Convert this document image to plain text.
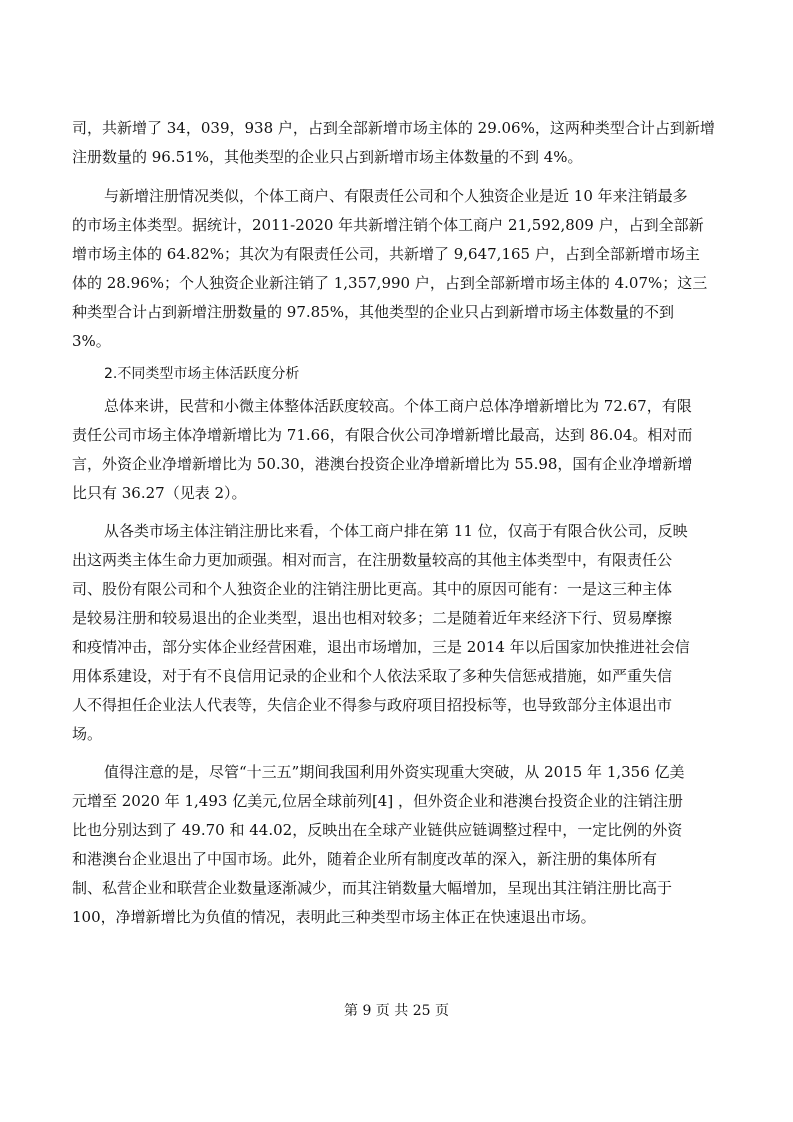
司，共新增了 34，039，938 户，占到全部新增市场主体的 29.06%，这两种类型合计占到新增
注册数量的 96.51%，其他类型的企业只占到新增市场主体数量的不到 4%。
与新增注册情况类似，个体工商户、有限责任公司和个人独资企业是近 10 年来注销最多
的市场主体类型。据统计，2011-2020 年共新增注销个体工商户 21,592,809 户，占到全部新
增市场主体的 64.82%；其次为有限责任公司，共新增了 9,647,165 户，占到全部新增市场主
体的 28.96%；个人独资企业新注销了 1,357,990 户，占到全部新增市场主体的 4.07%；这三
种类型合计占到新增注册数量的 97.85%，其他类型的企业只占到新增市场主体数量的不到
3%。
2.不同类型市场主体活跃度分析
总体来讲，民营和小微主体整体活跃度较高。个体工商户总体净增新增比为 72.67，有限
责任公司市场主体净增新增比为 71.66，有限合伙公司净增新增比最高，达到 86.04。相对而
言，外资企业净增新增比为 50.30，港澳台投资企业净增新增比为 55.98，国有企业净增新增
比只有 36.27（见表 2）。
从各类市场主体注销注册比来看，个体工商户排在第 11 位，仅高于有限合伙公司，反映
出这两类主体生命力更加顽强。相对而言，在注册数量较高的其他主体类型中，有限责任公
司、股份有限公司和个人独资企业的注销注册比更高。其中的原因可能有：一是这三种主体
是较易注册和较易退出的企业类型，退出也相对较多；二是随着近年来经济下行、贸易摩擦
和疫情冲击，部分实体企业经营困难，退出市场增加，三是 2014 年以后国家加快推进社会信
用体系建设，对于有不良信用记录的企业和个人依法采取了多种失信惩戒措施，如严重失信
人不得担任企业法人代表等，失信企业不得参与政府项目招投标等，也导致部分主体退出市
场。
值得注意的是，尽管“十三五”期间我国利用外资实现重大突破，从 2015 年 1,356 亿美
元增至 2020 年 1,493 亿美元,位居全球前列[4] ，但外资企业和港澳台投资企业的注销注册
比也分别达到了 49.70 和 44.02，反映出在全球产业链供应链调整过程中，一定比例的外资
和港澳台企业退出了中国市场。此外，随着企业所有制度改革的深入，新注册的集体所有
制、私营企业和联营企业数量逐渐减少，而其注销数量大幅增加，呈现出其注销注册比高于
100，净增新增比为负值的情况，表明此三种类型市场主体正在快速退出市场。
第 9 页 共 25 页
